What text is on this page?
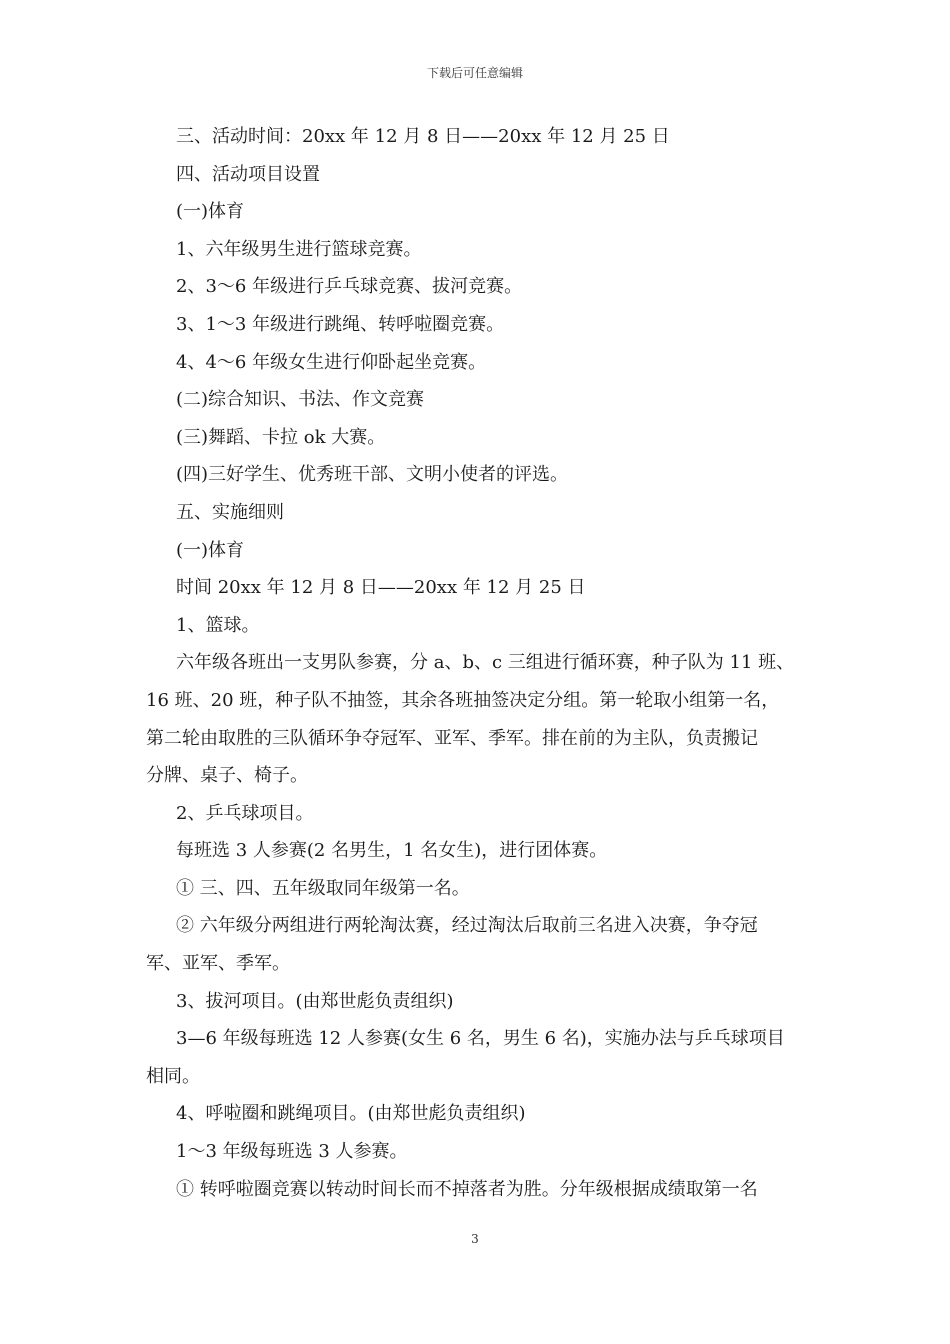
下载后可任意编辑
三、活动时间：20xx 年 12 月 8 日——20xx 年 12 月 25 日
四、活动项目设置
(一)体育
1、六年级男生进行篮球竞赛。
2、3～6 年级进行乒乓球竞赛、拔河竞赛。
3、1～3 年级进行跳绳、转呼啦圈竞赛。
4、4～6 年级女生进行仰卧起坐竞赛。
(二)综合知识、书法、作文竞赛
(三)舞蹈、卡拉 ok 大赛。
(四)三好学生、优秀班干部、文明小使者的评选。
五、实施细则
(一)体育
时间 20xx 年 12 月 8 日——20xx 年 12 月 25 日
1、篮球。
六年级各班出一支男队参赛，分 a、b、c 三组进行循环赛，种子队为 11 班、
16 班、20 班，种子队不抽签，其余各班抽签决定分组。第一轮取小组第一名，
第二轮由取胜的三队循环争夺冠军、亚军、季军。排在前的为主队，负责搬记
分牌、桌子、椅子。
2、乒乓球项目。
每班选 3 人参赛(2 名男生，1 名女生)，进行团体赛。
① 三、四、五年级取同年级第一名。
② 六年级分两组进行两轮淘汰赛，经过淘汰后取前三名进入决赛，争夺冠
军、亚军、季军。
3、拔河项目。(由郑世彪负责组织)
3—6 年级每班选 12 人参赛(女生 6 名，男生 6 名)，实施办法与乒乓球项目
相同。
4、呼啦圈和跳绳项目。(由郑世彪负责组织)
1～3 年级每班选 3 人参赛。
① 转呼啦圈竞赛以转动时间长而不掉落者为胜。分年级根据成绩取第一名
3
